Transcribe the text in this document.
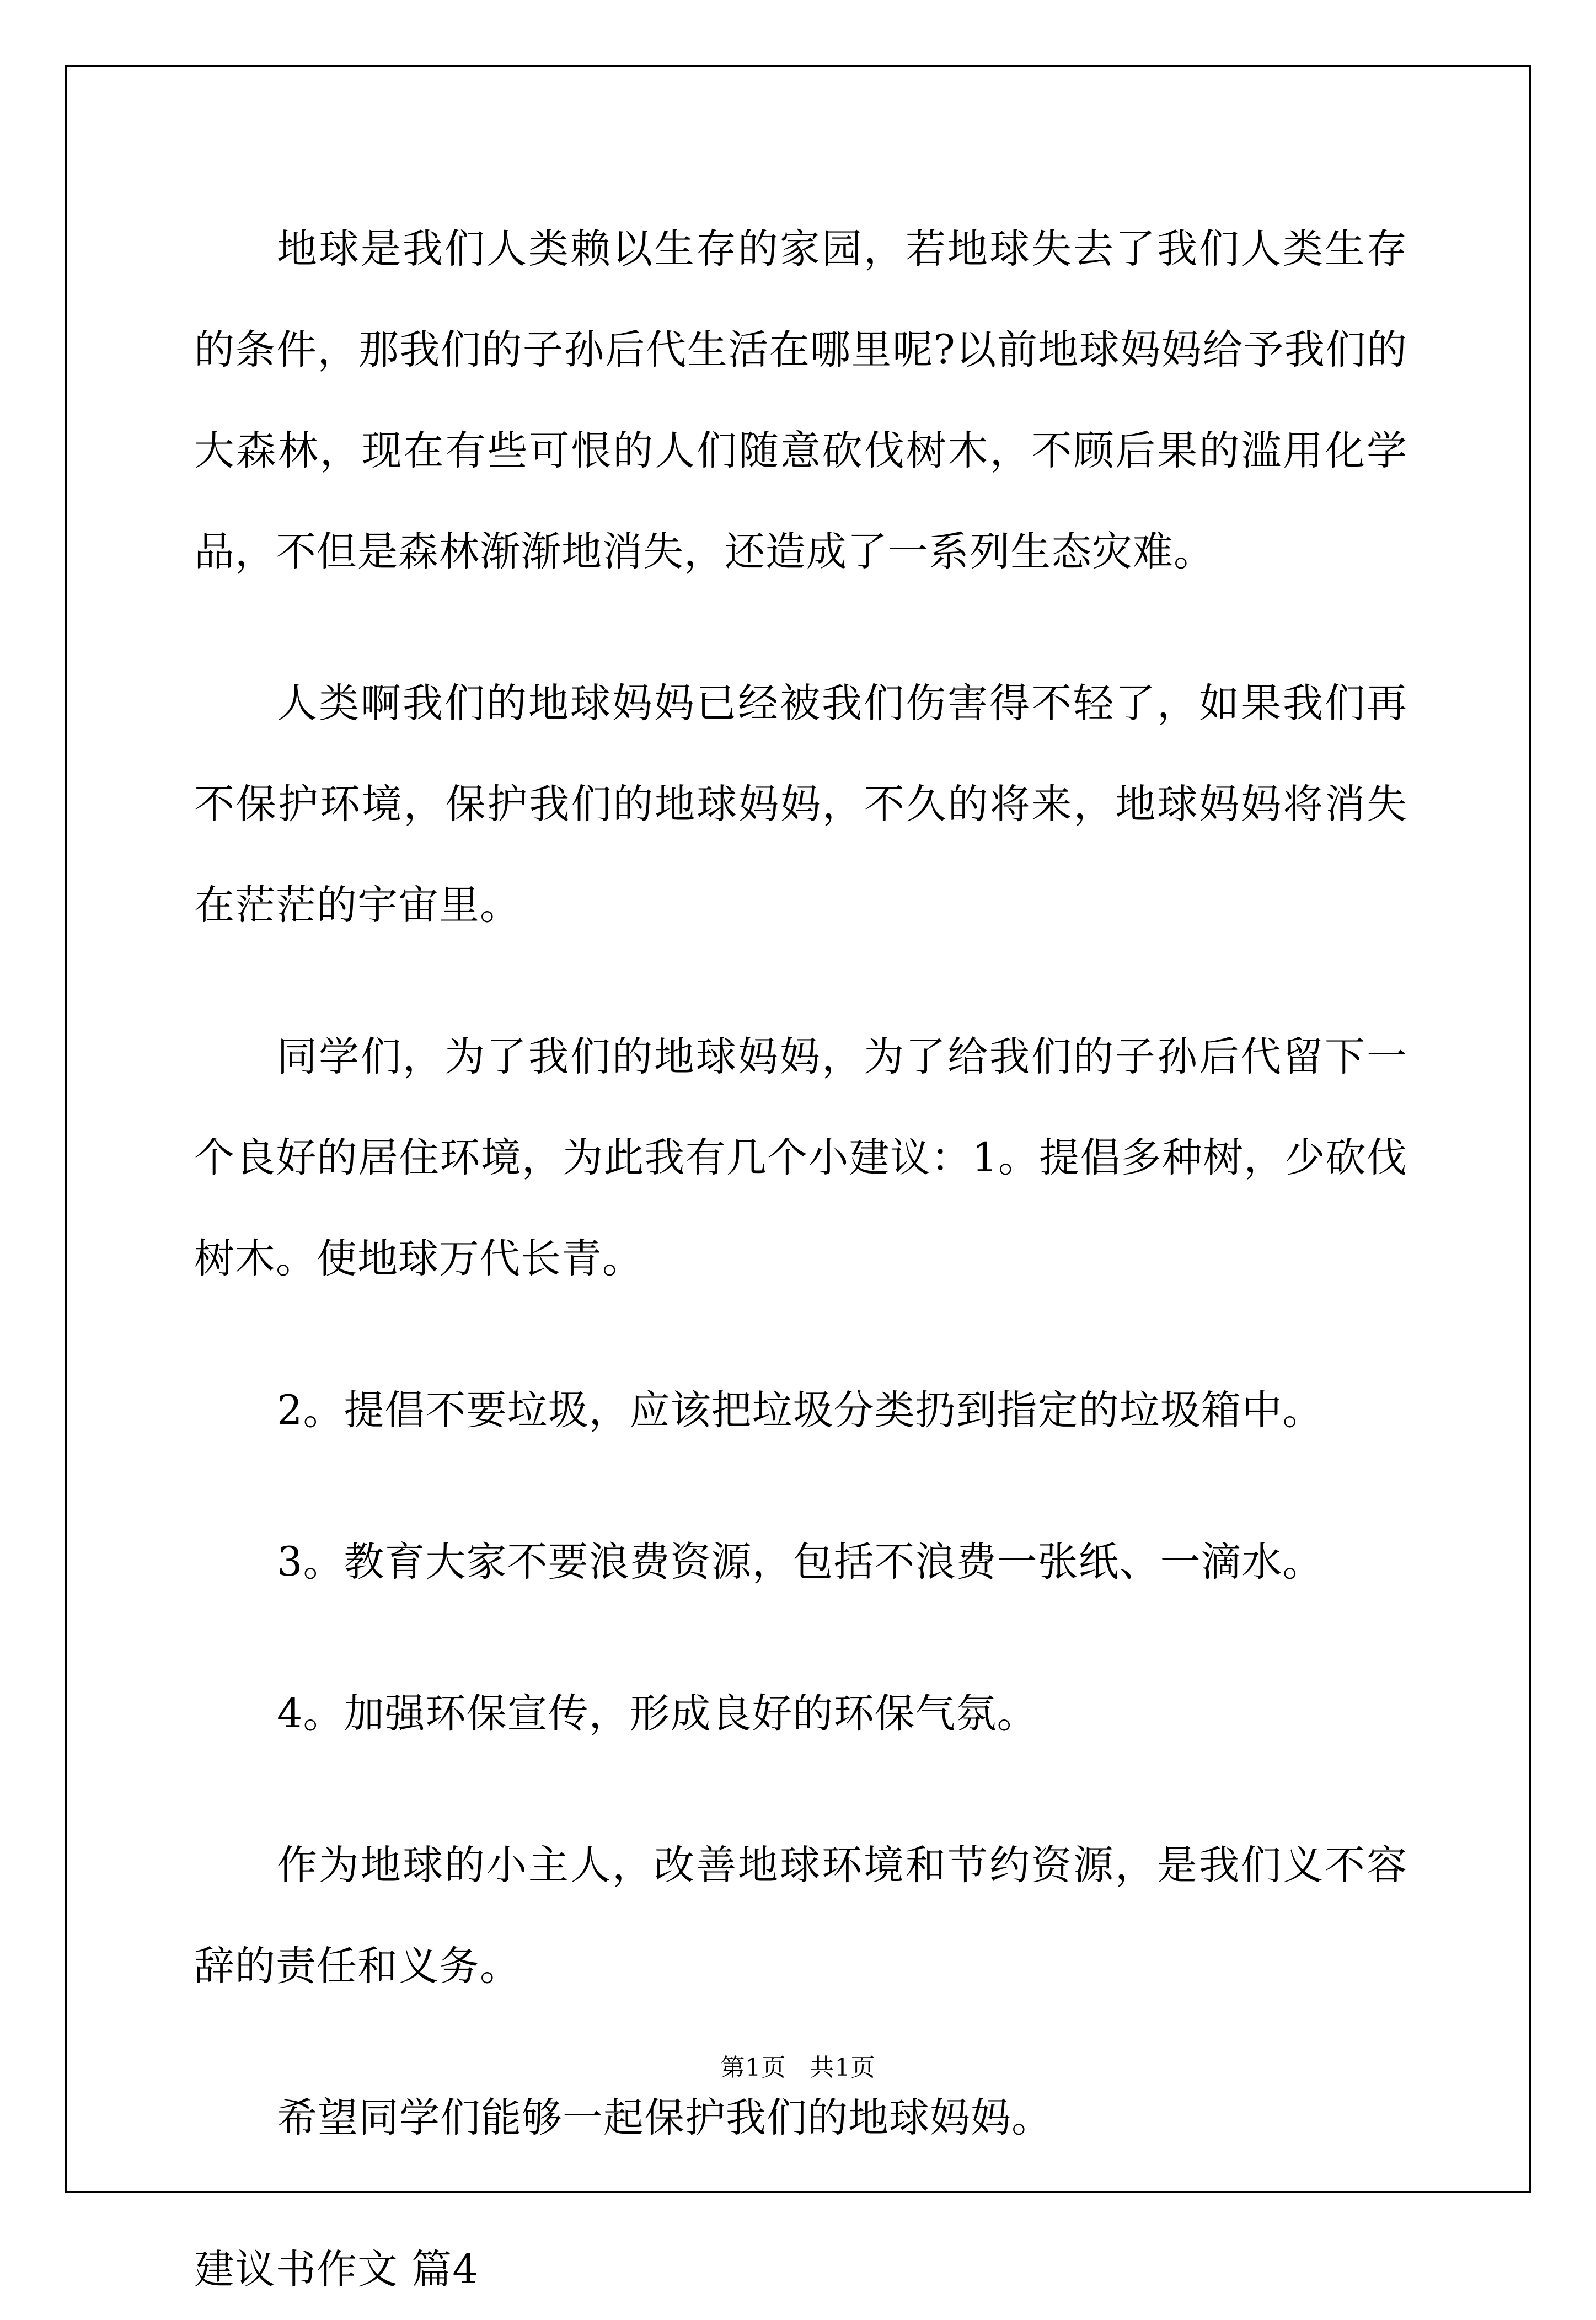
地球是我们人类赖以生存的家园，若地球失去了我们人类生存的条件，那我们的子孙后代生活在哪里呢?以前地球妈妈给予我们的大森林，现在有些可恨的人们随意砍伐树木，不顾后果的滥用化学品，不但是森林渐渐地消失，还造成了一系列生态灾难。

人类啊我们的地球妈妈已经被我们伤害得不轻了，如果我们再不保护环境，保护我们的地球妈妈，不久的将来，地球妈妈将消失在茫茫的宇宙里。

同学们，为了我们的地球妈妈，为了给我们的子孙后代留下一个良好的居住环境，为此我有几个小建议：1。提倡多种树，少砍伐树木。使地球万代长青。

2。提倡不要垃圾，应该把垃圾分类扔到指定的垃圾箱中。

3。教育大家不要浪费资源，包括不浪费一张纸、一滴水。

4。加强环保宣传，形成良好的环保气氛。

作为地球的小主人，改善地球环境和节约资源，是我们义不容辞的责任和义务。

希望同学们能够一起保护我们的地球妈妈。

建议书作文 篇4

第1页 共1页
